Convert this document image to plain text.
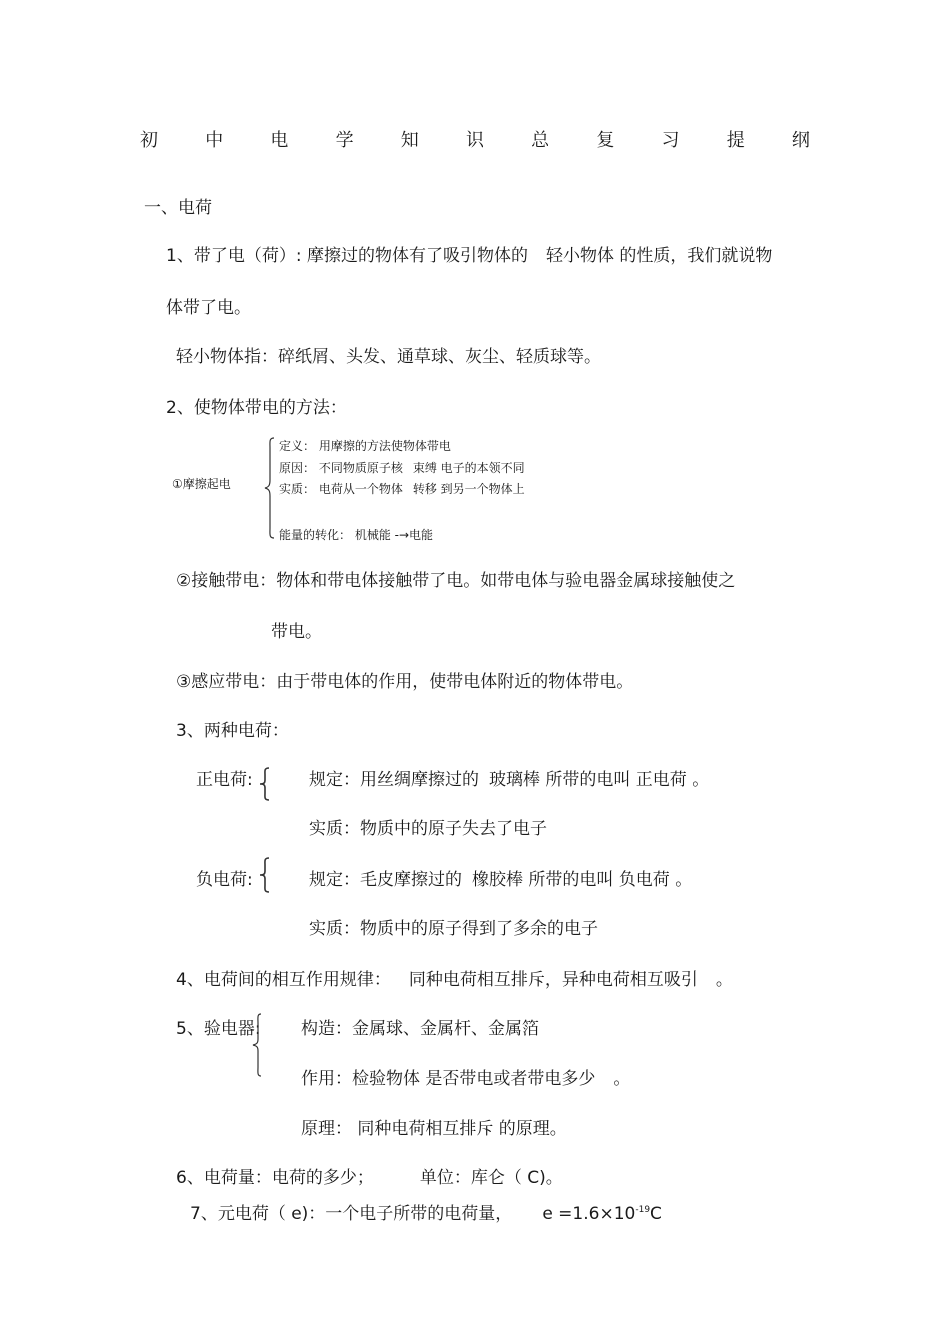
初	中	电	学	知	识	总	复	习	提	纲
一、电荷
1、带了电（荷）: 摩擦过的物体有了吸引物体的 轻小物体 的性质，我们就说物
体带了电。
轻小物体指：碎纸屑、头发、通草球、灰尘、轻质球等。
2、使物体带电的方法：
①摩擦起电
定义： 用摩擦的方法使物体带电
原因： 不同物质原子核 束缚 电子的本领不同
实质： 电荷从一个物体 转移 到另一个物体上
能量的转化： 机械能 -→电能
②接触带电：物体和带电体接触带了电。如带电体与验电器金属球接触使之
带电。
③感应带电：由于带电体的作用，使带电体附近的物体带电。
3、两种电荷：
正电荷:	规定：用丝绸摩擦过的 玻璃棒 所带的电叫 正电荷 。
实质：物质中的原子失去了电子
负电荷:	规定：毛皮摩擦过的 橡胶棒 所带的电叫 负电荷 。
实质：物质中的原子得到了多余的电子
4、电荷间的相互作用规律： 同种电荷相互排斥，异种电荷相互吸引 。
5、验电器: 构造：金属球、金属杆、金属箔
作用：检验物体 是否带电或者带电多少 。
原理： 同种电荷相互排斥 的原理。
6、电荷量：电荷的多少；	单位：库仑（ C)。
7、元电荷（ e)：一个电子所带的电荷量， $e =1.6\times 10^{-19}C$
